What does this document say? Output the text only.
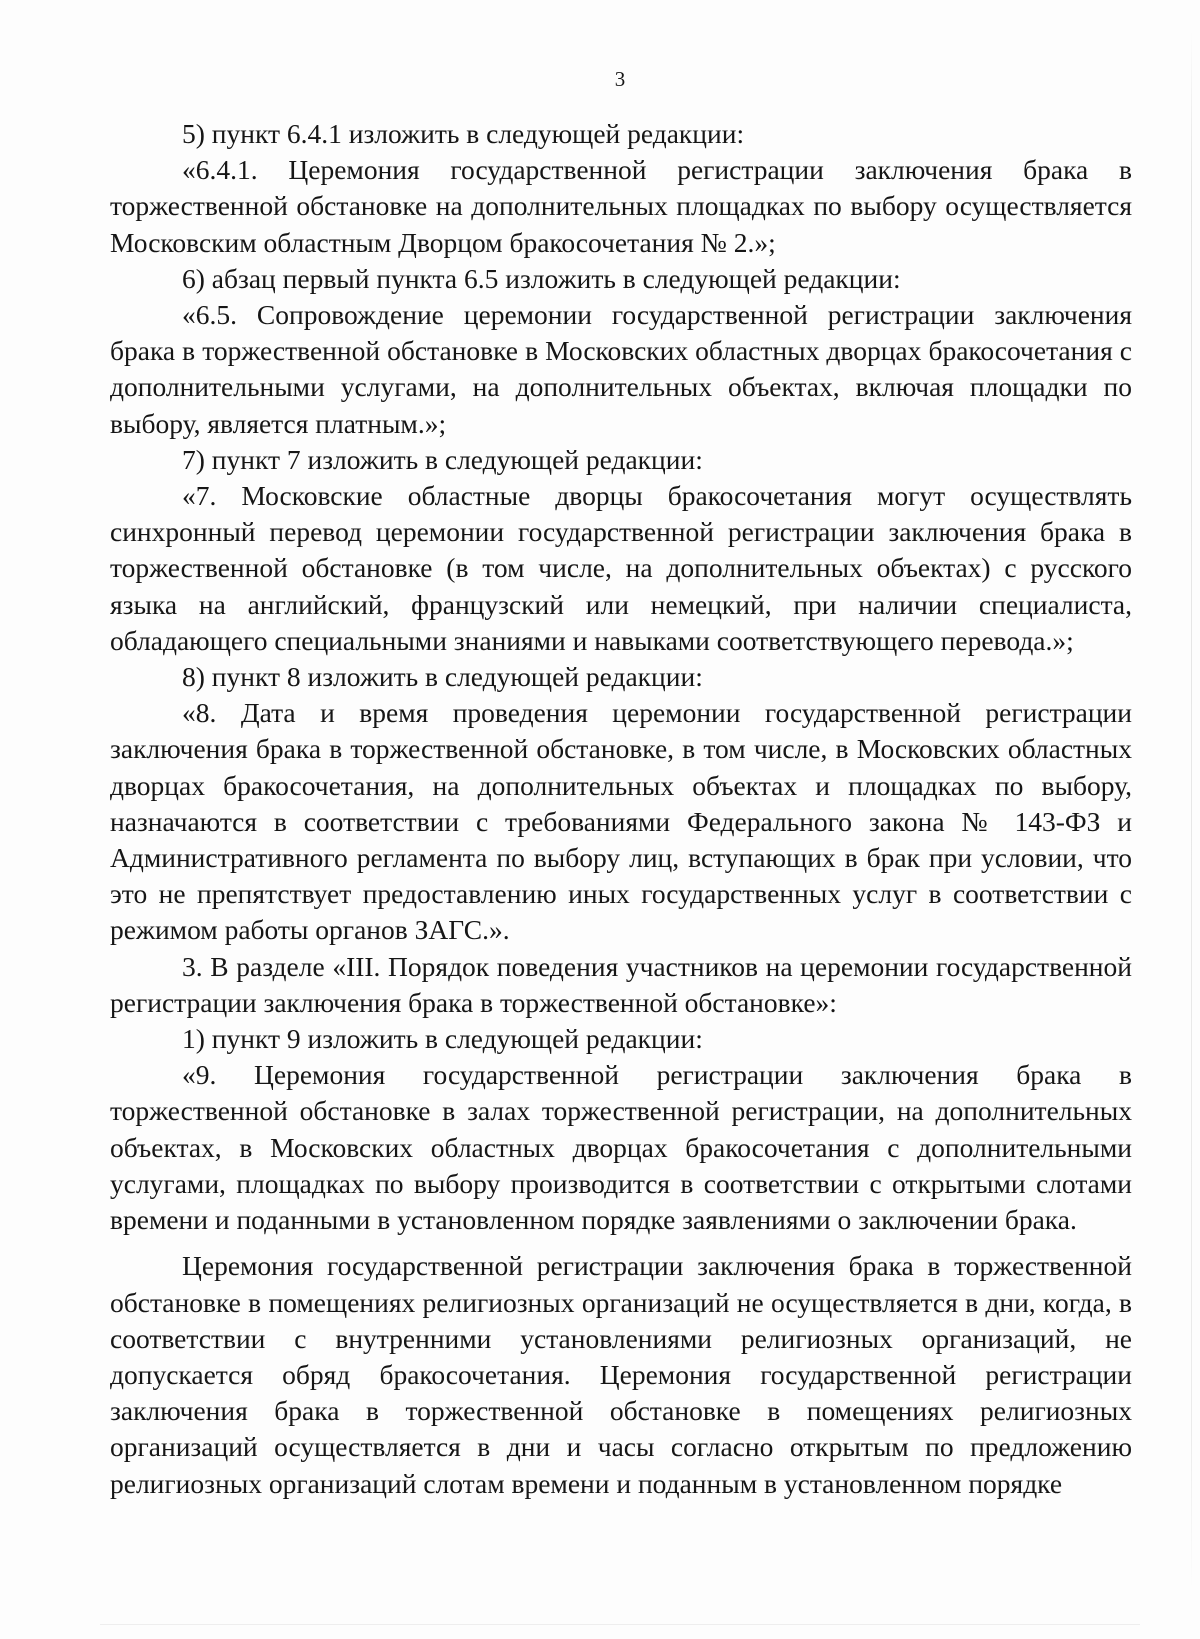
3

5) пункт 6.4.1 изложить в следующей редакции:

«6.4.1. Церемония государственной регистрации заключения брака в торжественной обстановке на дополнительных площадках по выбору осуществляется Московским областным Дворцом бракосочетания № 2.»;

6) абзац первый пункта 6.5 изложить в следующей редакции:

«6.5. Сопровождение церемонии государственной регистрации заключения брака в торжественной обстановке в Московских областных дворцах бракосочетания с дополнительными услугами, на дополнительных объектах, включая площадки по выбору, является платным.»;

7) пункт 7 изложить в следующей редакции:

«7. Московские областные дворцы бракосочетания могут осуществлять синхронный перевод церемонии государственной регистрации заключения брака в торжественной обстановке (в том числе, на дополнительных объектах) с русского языка на английский, французский или немецкий, при наличии специалиста, обладающего специальными знаниями и навыками соответствующего перевода.»;

8) пункт 8 изложить в следующей редакции:

«8. Дата и время проведения церемонии государственной регистрации заключения брака в торжественной обстановке, в том числе, в Московских областных дворцах бракосочетания, на дополнительных объектах и площадках по выбору, назначаются в соответствии с требованиями Федерального закона № 143-ФЗ и Административного регламента по выбору лиц, вступающих в брак при условии, что это не препятствует предоставлению иных государственных услуг в соответствии с режимом работы органов ЗАГС.».

3. В разделе «III. Порядок поведения участников на церемонии государственной регистрации заключения брака в торжественной обстановке»:

1) пункт 9 изложить в следующей редакции:

«9. Церемония государственной регистрации заключения брака в торжественной обстановке в залах торжественной регистрации, на дополнительных объектах, в Московских областных дворцах бракосочетания с дополнительными услугами, площадках по выбору производится в соответствии с открытыми слотами времени и поданными в установленном порядке заявлениями о заключении брака.

Церемония государственной регистрации заключения брака в торжественной обстановке в помещениях религиозных организаций не осуществляется в дни, когда, в соответствии с внутренними установлениями религиозных организаций, не допускается обряд бракосочетания. Церемония государственной регистрации заключения брака в торжественной обстановке в помещениях религиозных организаций осуществляется в дни и часы согласно открытым по предложению религиозных организаций слотам времени и поданным в установленном порядке
